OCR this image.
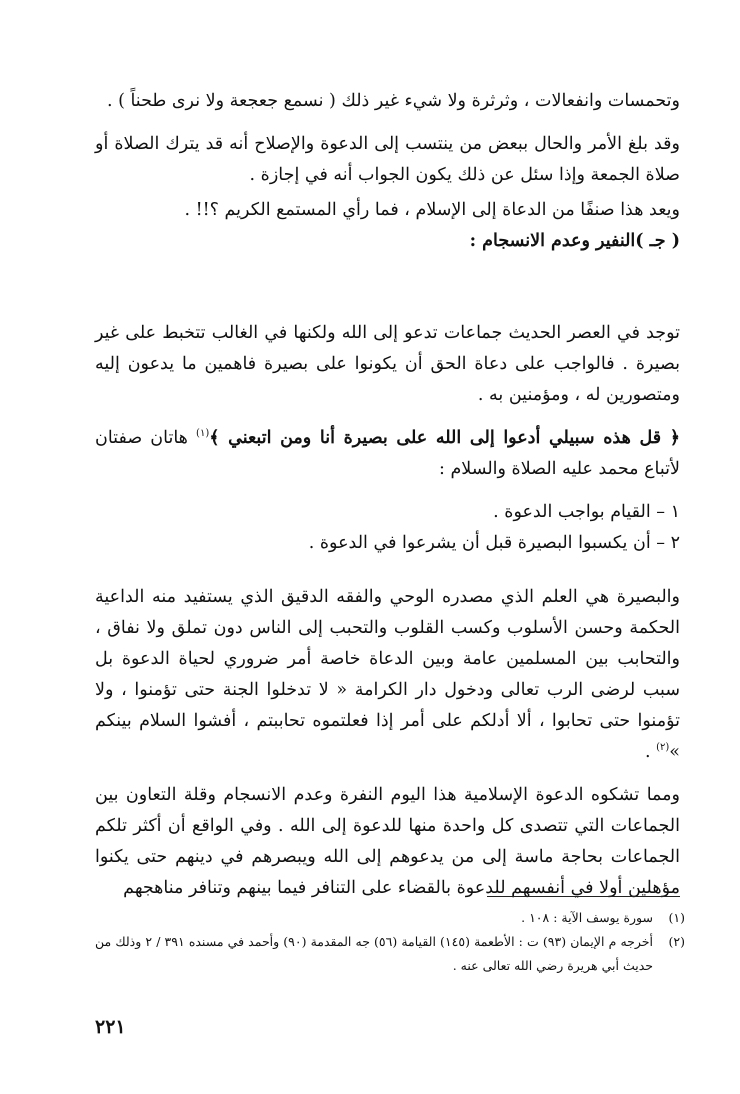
وتحمسات وانفعالات ، وثرثرة ولا شيء غير ذلك ( نسمع جعجعة ولا نرى طحناً ) .

وقد بلغ الأمر والحال ببعض من ينتسب إلى الدعوة والإصلاح أنه قد يترك الصلاة أو صلاة الجمعة وإذا سئل عن ذلك يكون الجواب أنه في إجازة .

ويعد هذا صنفًا من الدعاة إلى الإسلام ، فما رأي المستمع الكريم ؟!! .

( جـ )النفير وعدم الانسجام :

توجد في العصر الحديث جماعات تدعو إلى الله ولكنها في الغالب تتخبط على غير بصيرة . فالواجب على دعاة الحق أن يكونوا على بصيرة فاهمين ما يدعون إليه ومتصورين له ، ومؤمنين به .

﴿ قل هذه سبيلي أدعوا إلى الله على بصيرة أنا ومن اتبعني ﴾$^{(١)}$ هاتان صفتان لأتباع محمد عليه الصلاة والسلام :

١ – القيام بواجب الدعوة .

٢ – أن يكسبوا البصيرة قبل أن يشرعوا في الدعوة .

والبصيرة هي العلم الذي مصدره الوحي والفقه الدقيق الذي يستفيد منه الداعية الحكمة وحسن الأسلوب وكسب القلوب والتحبب إلى الناس دون تملق ولا نفاق ، والتحابب بين المسلمين عامة وبين الدعاة خاصة أمر ضروري لحياة الدعوة بل سبب لرضى الرب تعالى ودخول دار الكرامة « لا تدخلوا الجنة حتى تؤمنوا ، ولا تؤمنوا حتى تحابوا ، ألا أدلكم على أمر إذا فعلتموه تحاببتم ، أفشوا السلام بينكم »$^{(٢)}$ .

ومما تشكوه الدعوة الإسلامية هذا اليوم النفرة وعدم الانسجام وقلة التعاون بين الجماعات التي تتصدى كل واحدة منها للدعوة إلى الله . وفي الواقع أن أكثر تلكم الجماعات بحاجة ماسة إلى من يدعوهم إلى الله ويبصرهم في دينهم حتى يكنوا مؤهلين أولا في أنفسهم للدعوة بالقضاء على التنافر فيما بينهم وتنافر مناهجهم

(١)
سورة يوسف الآية : ١٠٨ .
(٢)
أخرجه م الإيمان (٩٣) ت : الأطعمة (١٤٥) القيامة (٥٦) جه المقدمة (٩٠) وأحمد في مسنده ٣٩١ / ٢ وذلك من حديث أبي هريرة رضي الله تعالى عنه .
٢٢١
